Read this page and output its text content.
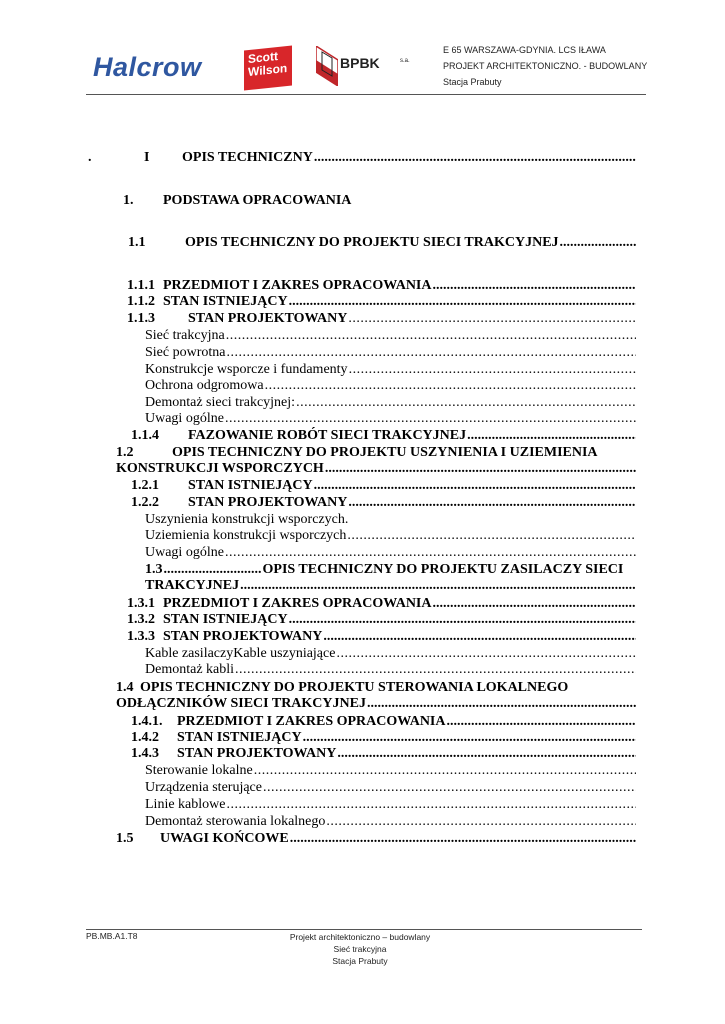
Halcrow	Scott
Wilson	BPBK	s.a.
E 65 WARSZAWA-GDYNIA. LCS IŁAWA
PROJEKT ARCHITEKTONICZNO. - BUDOWLANY
Stacja Prabuty
.	I	OPIS TECHNICZNY
.....
1.	PODSTAWA OPRACOWANIA
1.1	OPIS TECHNICZNY DO PROJEKTU SIECI TRAKCYJNEJ
.....
1.1.1 PRZEDMIOT I ZAKRES OPRACOWANIA
.....
1.1.2 STAN ISTNIEJĄCY
.....
1.1.3	STAN PROJEKTOWANY
.....
Sieć trakcyjna
.....
Sieć powrotna
.....
Konstrukcje wsporcze i fundamenty
.....
Ochrona odgromowa
.....
Demontaż sieci trakcyjnej:
.....
Uwagi ogólne
.....
1.1.4	FAZOWANIE ROBÓT SIECI TRAKCYJNEJ
.....
1.2	OPIS TECHNICZNY DO PROJEKTU USZYNIENIA I UZIEMIENIA
KONSTRUKCJI WSPORCZYCH
.....
1.2.1	STAN ISTNIEJĄCY
.....
1.2.2	STAN PROJEKTOWANY
.....
Uszynienia konstrukcji wsporczych.
Uziemienia konstrukcji wsporczych
.....
Uwagi ogólne
.....
1.3
.....	OPIS TECHNICZNY DO PROJEKTU ZASILACZY SIECI
TRAKCYJNEJ
.....
1.3.1 PRZEDMIOT I ZAKRES OPRACOWANIA
.....
1.3.2 STAN ISTNIEJĄCY
.....
1.3.3 STAN PROJEKTOWANY
.....
Kable zasilaczyKable uszyniające
.....
Demontaż kabli
.....
1.4 OPIS TECHNICZNY DO PROJEKTU STEROWANIA LOKALNEGO
ODŁĄCZNIKÓW SIECI TRAKCYJNEJ
.....
1.4.1.	PRZEDMIOT I ZAKRES OPRACOWANIA
.....
1.4.2	STAN ISTNIEJĄCY
.....
1.4.3	STAN PROJEKTOWANY
.....
Sterowanie lokalne
.....
Urządzenia sterujące
.....
Linie kablowe
.....
Demontaż sterowania lokalnego
.....
1.5	UWAGI KOŃCOWE
.....
PB.MB.A1.T8	Projekt architektoniczno – budowlany
Sieć trakcyjna
Stacja Prabuty
